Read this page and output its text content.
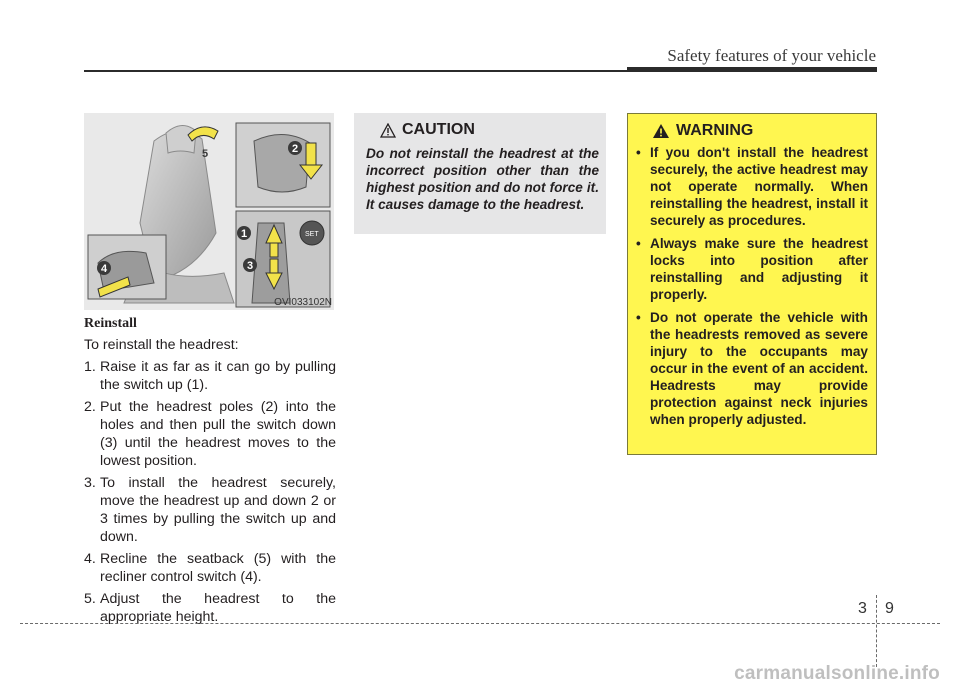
Safety features of your vehicle
SET
1
2
3
4
5
OVI033102N
Reinstall

To reinstall the headrest:

1. Raise it as far as it can go by pulling the switch up (1).
2. Put the headrest poles (2) into the holes and then pull the switch down (3) until the headrest moves to the lowest position.
3. To install the headrest securely, move the headrest up and down 2 or 3 times by pulling the switch up and down.
4. Recline the seatback (5) with the recliner control switch (4).
5. Adjust the headrest to the appropriate height.
CAUTION

Do not reinstall the headrest at the incorrect position other than the highest position and do not force it. It causes damage to the headrest.

WARNING
• If you don't install the headrest securely, the active headrest may not operate normally. When reinstalling the headrest, install it securely as procedures.
• Always make sure the headrest locks into position after reinstalling and adjusting it properly.
• Do not operate the vehicle with the headrests removed as severe injury to the occupants may occur in the event of an accident. Headrests may provide protection against neck injuries when properly adjusted.
3 9
carmanualsonline.info
